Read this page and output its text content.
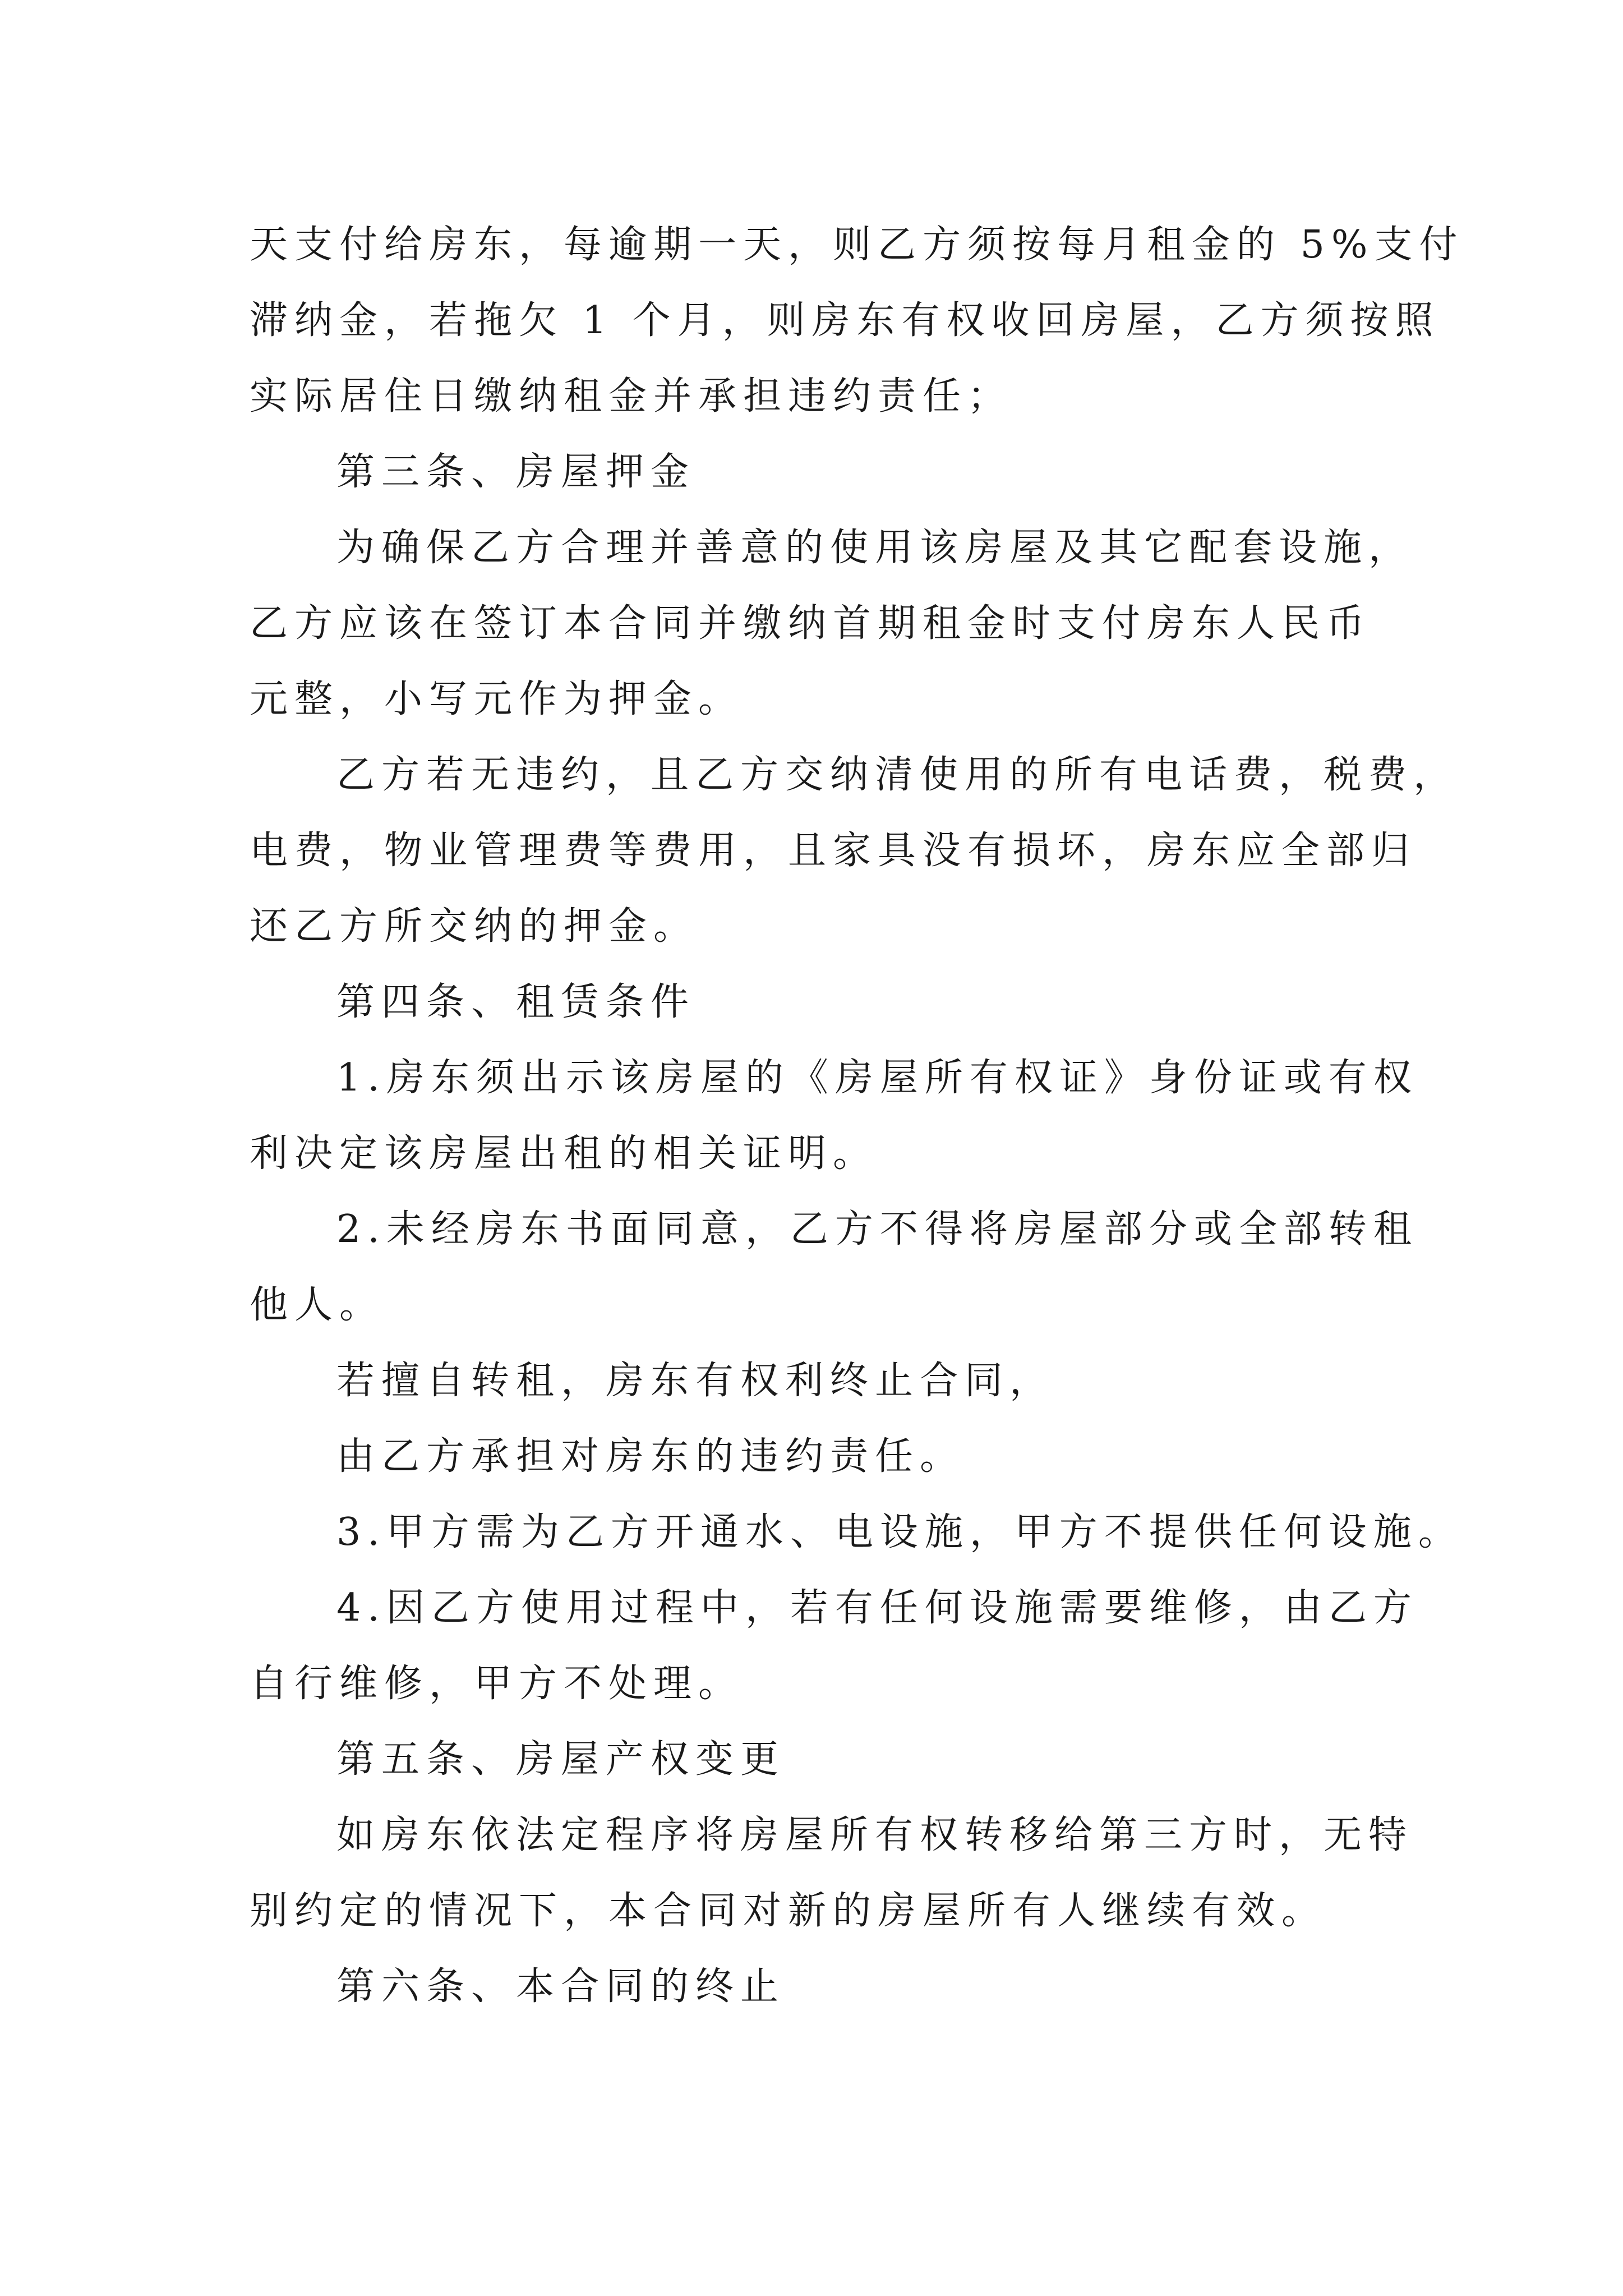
天支付给房东，每逾期一天，则乙方须按每月租金的 5%支付

滞纳金，若拖欠 1 个月，则房东有权收回房屋，乙方须按照

实际居住日缴纳租金并承担违约责任；

第三条、房屋押金

为确保乙方合理并善意的使用该房屋及其它配套设施，

乙方应该在签订本合同并缴纳首期租金时支付房东人民币

元整，小写元作为押金。

乙方若无违约，且乙方交纳清使用的所有电话费，税费，

电费，物业管理费等费用，且家具没有损坏，房东应全部归

还乙方所交纳的押金。

第四条、租赁条件

1.房东须出示该房屋的《房屋所有权证》身份证或有权

利决定该房屋出租的相关证明。

2.未经房东书面同意，乙方不得将房屋部分或全部转租

他人。

若擅自转租，房东有权利终止合同，

由乙方承担对房东的违约责任。

3.甲方需为乙方开通水、电设施，甲方不提供任何设施。

4.因乙方使用过程中，若有任何设施需要维修，由乙方

自行维修，甲方不处理。

第五条、房屋产权变更

如房东依法定程序将房屋所有权转移给第三方时，无特

别约定的情况下，本合同对新的房屋所有人继续有效。

第六条、本合同的终止
